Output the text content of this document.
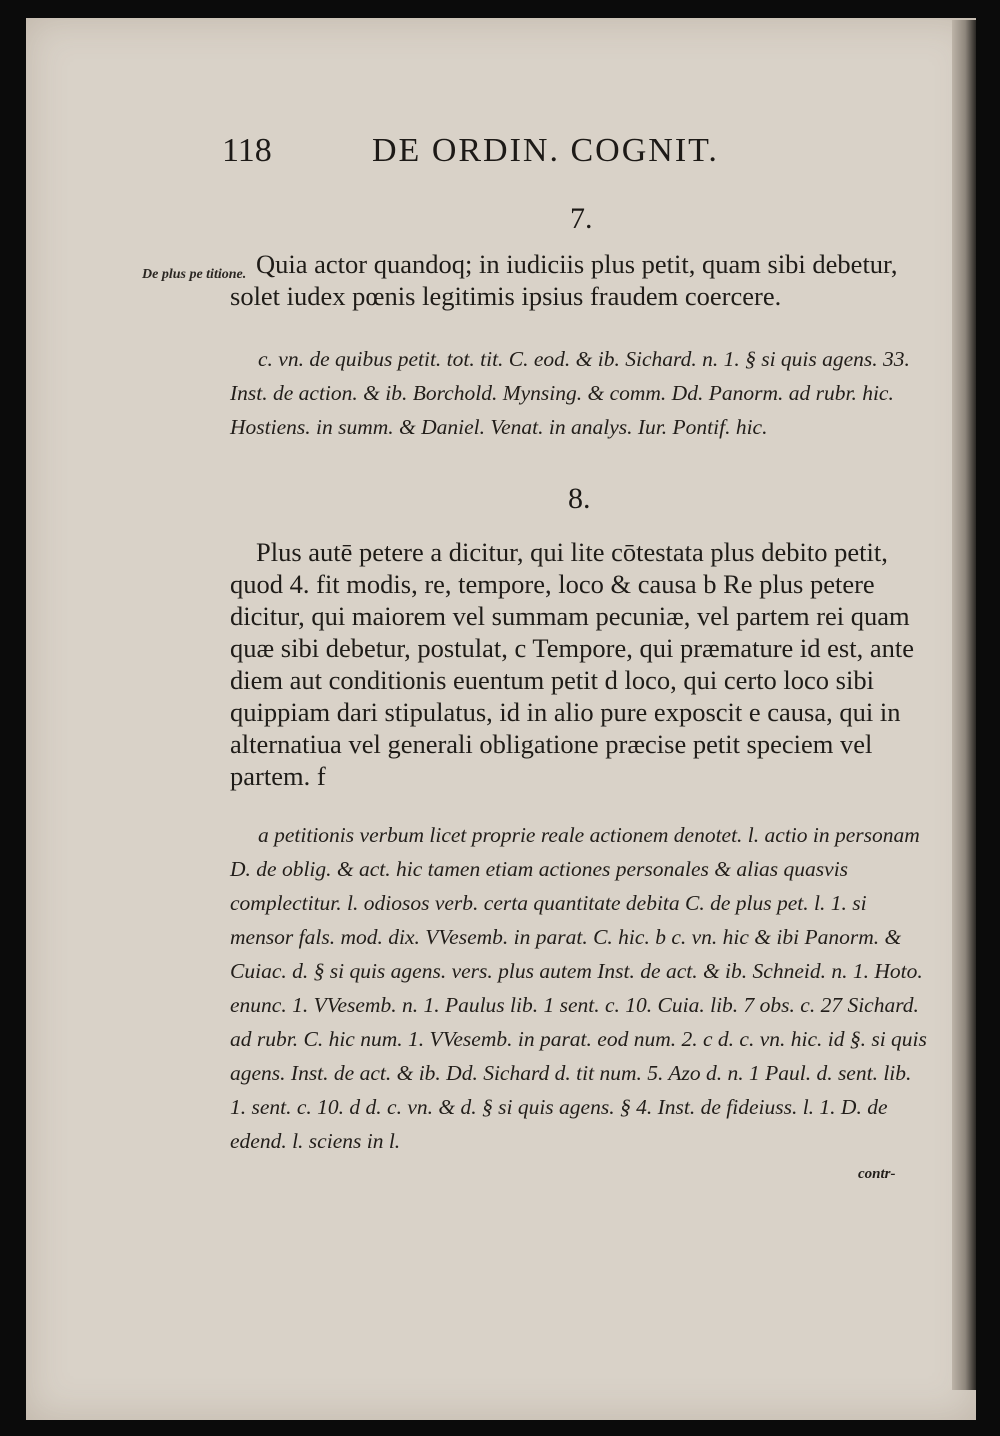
118	DE ORDIN. COGNIT.
7.
De plus pe titione. Quia actor quandoq; in iudiciis plus petit, quam sibi debetur, solet iudex pœnis legitimis ipsius fraudem coercere.
c. vn. de quibus petit. tot. tit. C. eod. & ib. Sichard. n. 1. § si quis agens. 33. Inst. de action. & ib. Borchold. Mynsing. & comm. Dd. Panorm. ad rubr. hic. Hostiens. in summ. & Daniel. Venat. in analys. Iur. Pontif. hic.
8.
Plus autē petere a dicitur, qui lite cōtestata plus debito petit, quod 4. fit modis, re, tempore, loco & causa b Re plus petere dicitur, qui maiorem vel summam pecuniæ, vel partem rei quam quæ sibi debetur, postulat, c Tempore, qui præmature id est, ante diem aut conditionis euentum petit d loco, qui certo loco sibi quippiam dari stipulatus, id in alio pure exposcit e causa, qui in alternatiua vel generali obligatione præcise petit speciem vel partem. f
a petitionis verbum licet proprie reale actionem denotet. l. actio in personam D. de oblig. & act. hic tamen etiam actiones personales & alias quasvis complectitur. l. odiosos verb. certa quantitate debita C. de plus pet. l. 1. si mensor fals. mod. dix. VVesemb. in parat. C. hic. b c. vn. hic & ibi Panorm. & Cuiac. d. § si quis agens. vers. plus autem Inst. de act. & ib. Schneid. n. 1. Hoto. enunc. 1. VVesemb. n. 1. Paulus lib. 1 sent. c. 10. Cuia. lib. 7 obs. c. 27 Sichard. ad rubr. C. hic num. 1. VVesemb. in parat. eod num. 2. c d. c. vn. hic. id §. si quis agens. Inst. de act. & ib. Dd. Sichard d. tit num. 5. Azo d. n. 1 Paul. d. sent. lib. 1. sent. c. 10. d d. c. vn. & d. § si quis agens. § 4. Inst. de fideiuss. l. 1. D. de edend. l. sciens in l.
contr-
